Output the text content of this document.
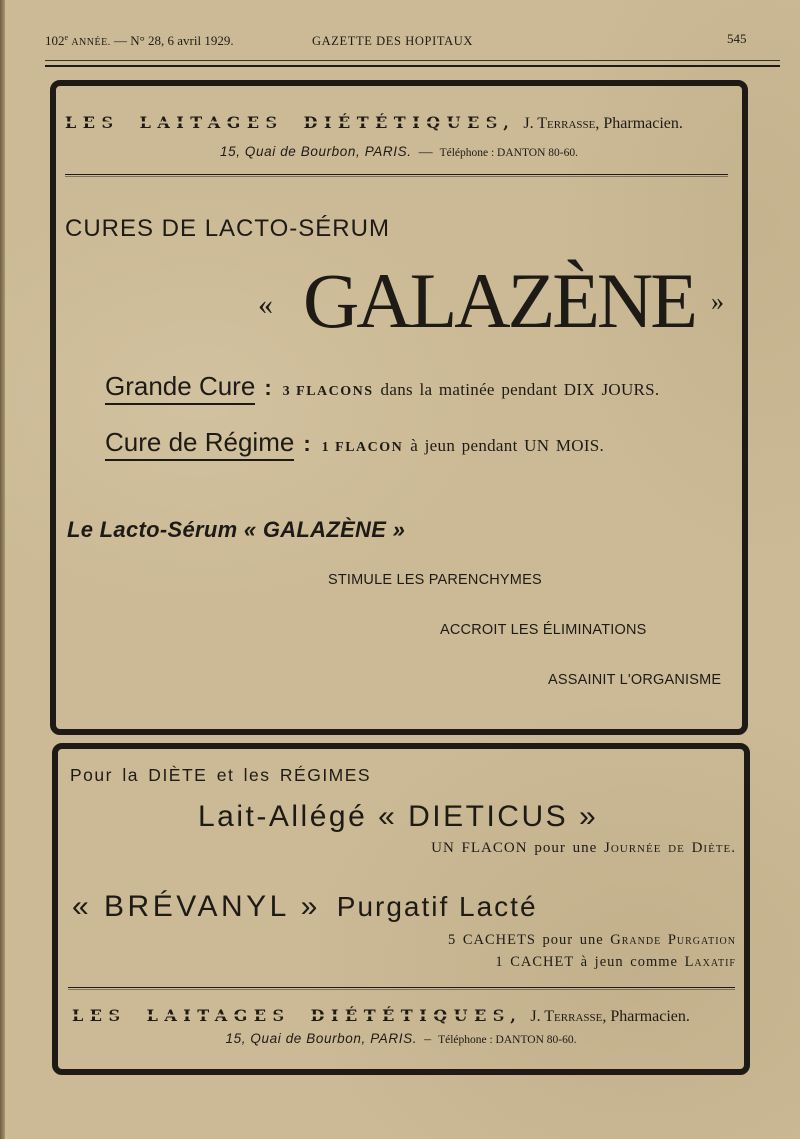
102e ANNÉE. — N° 28, 6 avril 1929.	GAZETTE DES HOPITAUX	545
LES LAITAGES DIÉTÉTIQUES, J. Terrasse, Pharmacien.
15, Quai de Bourbon, PARIS. — Téléphone : DANTON 80-60.
CURES DE LACTO-SÉRUM
« GALAZÈNE »
Grande Cure : 3 FLACONS dans la matinée pendant DIX JOURS.
Cure de Régime : 1 FLACON à jeun pendant UN MOIS.
Le Lacto-Sérum « GALAZÈNE »
STIMULE LES PARENCHYMES
ACCROIT LES ÉLIMINATIONS
ASSAINIT L'ORGANISME
Pour la DIÈTE et les RÉGIMES
Lait-Allégé « DIETICUS »
UN FLACON pour une Journée de Diète.
« BRÉVANYL » Purgatif Lacté
5 CACHETS pour une Grande Purgation
1 CACHET à jeun comme Laxatif
LES LAITAGES DIÉTÉTIQUES, J. Terrasse, Pharmacien.
15, Quai de Bourbon, PARIS. – Téléphone : DANTON 80-60.
